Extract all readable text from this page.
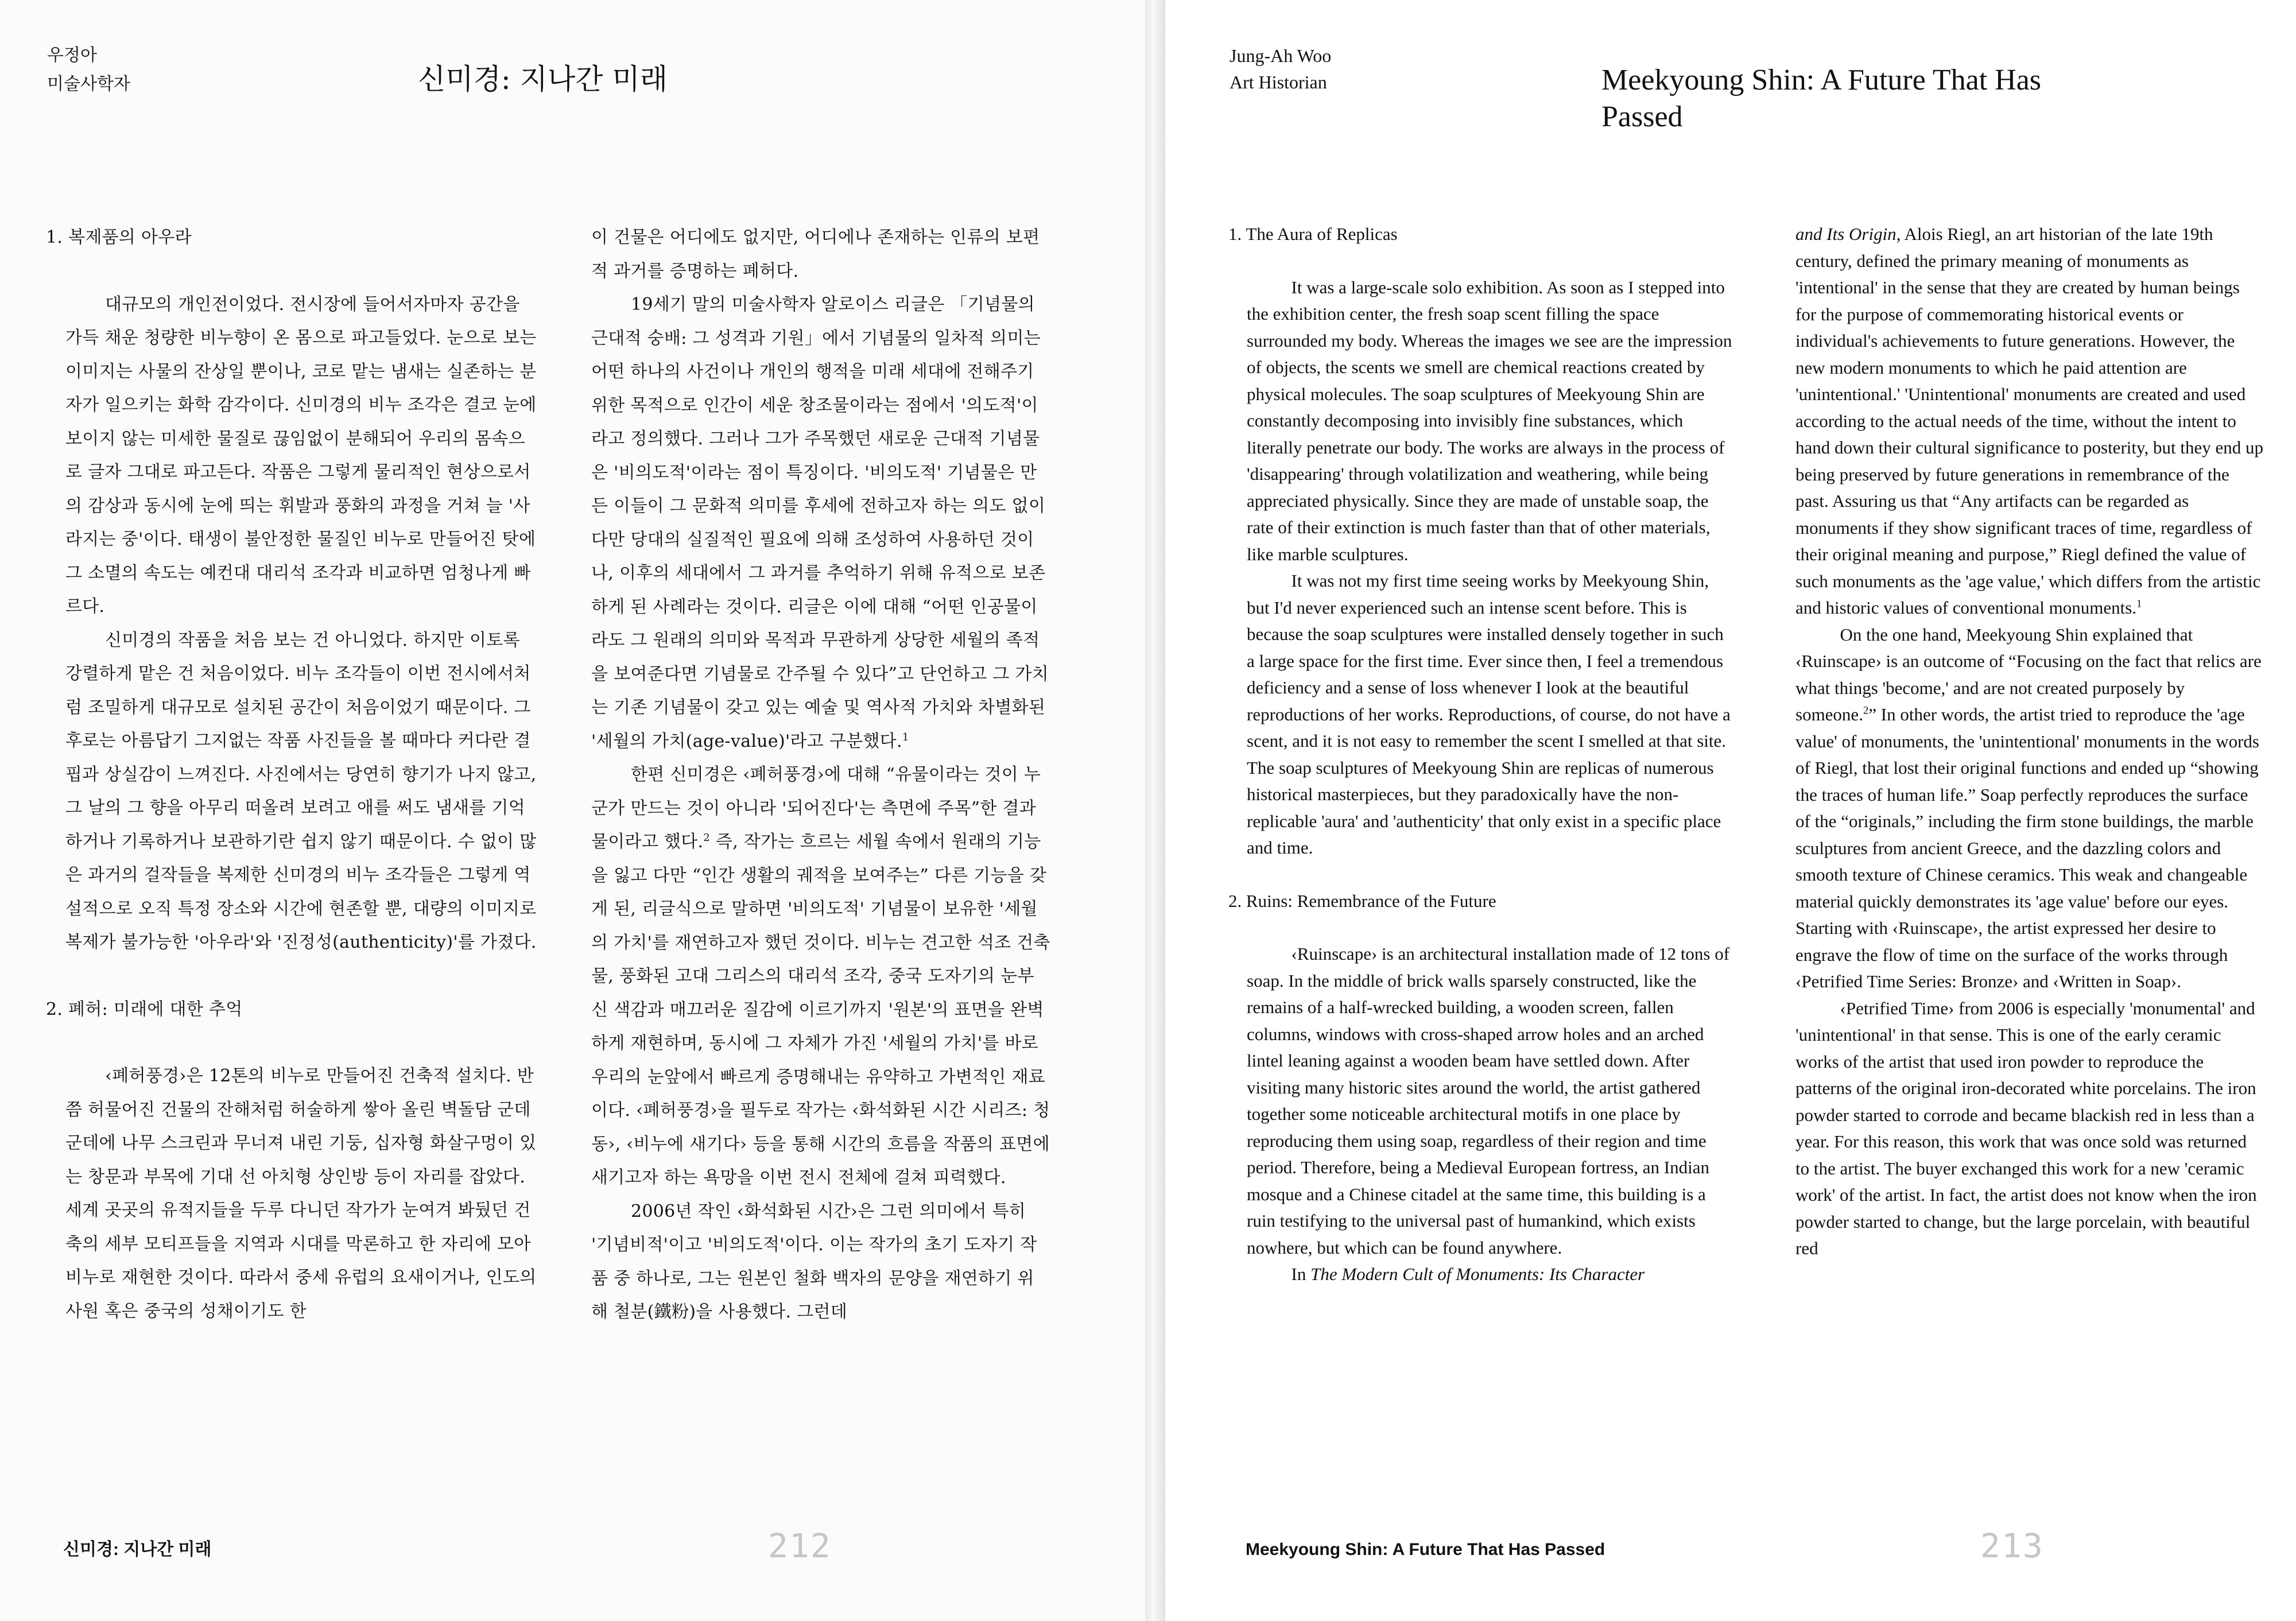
우정아
미술사학자	신미경: 지나간 미래

1. 복제품의 아우라

대규모의 개인전이었다. 전시장에 들어서자마자 공간을 가득 채운 청량한 비누향이 온 몸으로 파고들었다. 눈으로 보는 이미지는 사물의 잔상일 뿐이나, 코로 맡는 냄새는 실존하는 분자가 일으키는 화학 감각이다. 신미경의 비누 조각은 결코 눈에 보이지 않는 미세한 물질로 끊임없이 분해되어 우리의 몸속으로 글자 그대로 파고든다. 작품은 그렇게 물리적인 현상으로서의 감상과 동시에 눈에 띄는 휘발과 풍화의 과정을 거쳐 늘 '사라지는 중'이다. 태생이 불안정한 물질인 비누로 만들어진 탓에 그 소멸의 속도는 예컨대 대리석 조각과 비교하면 엄청나게 빠르다.

신미경의 작품을 처음 보는 건 아니었다. 하지만 이토록 강렬하게 맡은 건 처음이었다. 비누 조각들이 이번 전시에서처럼 조밀하게 대규모로 설치된 공간이 처음이었기 때문이다. 그 후로는 아름답기 그지없는 작품 사진들을 볼 때마다 커다란 결핍과 상실감이 느껴진다. 사진에서는 당연히 향기가 나지 않고, 그 날의 그 향을 아무리 떠올려 보려고 애를 써도 냄새를 기억하거나 기록하거나 보관하기란 쉽지 않기 때문이다. 수 없이 많은 과거의 걸작들을 복제한 신미경의 비누 조각들은 그렇게 역설적으로 오직 특정 장소와 시간에 현존할 뿐, 대량의 이미지로 복제가 불가능한 '아우라'와 '진정성(authenticity)'를 가졌다.

2. 폐허: 미래에 대한 추억

‹폐허풍경›은 12톤의 비누로 만들어진 건축적 설치다. 반쯤 허물어진 건물의 잔해처럼 허술하게 쌓아 올린 벽돌담 군데군데에 나무 스크린과 무너져 내린 기둥, 십자형 화살구멍이 있는 창문과 부목에 기대 선 아치형 상인방 등이 자리를 잡았다. 세계 곳곳의 유적지들을 두루 다니던 작가가 눈여겨 봐뒀던 건축의 세부 모티프들을 지역과 시대를 막론하고 한 자리에 모아 비누로 재현한 것이다. 따라서 중세 유럽의 요새이거나, 인도의 사원 혹은 중국의 성채이기도 한

이 건물은 어디에도 없지만, 어디에나 존재하는 인류의 보편적 과거를 증명하는 폐허다.

19세기 말의 미술사학자 알로이스 리글은 「기념물의 근대적 숭배: 그 성격과 기원」에서 기념물의 일차적 의미는 어떤 하나의 사건이나 개인의 행적을 미래 세대에 전해주기 위한 목적으로 인간이 세운 창조물이라는 점에서 '의도적'이라고 정의했다. 그러나 그가 주목했던 새로운 근대적 기념물은 '비의도적'이라는 점이 특징이다. '비의도적' 기념물은 만든 이들이 그 문화적 의미를 후세에 전하고자 하는 의도 없이 다만 당대의 실질적인 필요에 의해 조성하여 사용하던 것이나, 이후의 세대에서 그 과거를 추억하기 위해 유적으로 보존하게 된 사례라는 것이다. 리글은 이에 대해 “어떤 인공물이라도 그 원래의 의미와 목적과 무관하게 상당한 세월의 족적을 보여준다면 기념물로 간주될 수 있다”고 단언하고 그 가치는 기존 기념물이 갖고 있는 예술 및 역사적 가치와 차별화된 '세월의 가치(age-value)'라고 구분했다.$^1$

한편 신미경은 ‹폐허풍경›에 대해 “유물이라는 것이 누군가 만드는 것이 아니라 '되어진다'는 측면에 주목”한 결과물이라고 했다.$^2$ 즉, 작가는 흐르는 세월 속에서 원래의 기능을 잃고 다만 “인간 생활의 궤적을 보여주는” 다른 기능을 갖게 된, 리글식으로 말하면 '비의도적' 기념물이 보유한 '세월의 가치'를 재연하고자 했던 것이다. 비누는 견고한 석조 건축물, 풍화된 고대 그리스의 대리석 조각, 중국 도자기의 눈부신 색감과 매끄러운 질감에 이르기까지 '원본'의 표면을 완벽하게 재현하며, 동시에 그 자체가 가진 '세월의 가치'를 바로 우리의 눈앞에서 빠르게 증명해내는 유약하고 가변적인 재료이다. ‹폐허풍경›을 필두로 작가는 ‹화석화된 시간 시리즈: 청동›, ‹비누에 새기다› 등을 통해 시간의 흐름을 작품의 표면에 새기고자 하는 욕망을 이번 전시 전체에 걸쳐 피력했다.

2006년 작인 ‹화석화된 시간›은 그런 의미에서 특히 '기념비적'이고 '비의도적'이다. 이는 작가의 초기 도자기 작품 중 하나로, 그는 원본인 철화 백자의 문양을 재연하기 위해 철분(鐵粉)을 사용했다. 그런데

신미경: 지나간 미래	212
Jung-Ah Woo
Art Historian	Meekyoung Shin: A Future That Has Passed

1. The Aura of Replicas

It was a large-scale solo exhibition. As soon as I stepped into the exhibition center, the fresh soap scent filling the space surrounded my body. Whereas the images we see are the impression of objects, the scents we smell are chemical reactions created by physical molecules. The soap sculptures of Meekyoung Shin are constantly decomposing into invisibly fine substances, which literally penetrate our body. The works are always in the process of 'disappearing' through volatilization and weathering, while being appreciated physically. Since they are made of unstable soap, the rate of their extinction is much faster than that of other materials, like marble sculptures.

It was not my first time seeing works by Meekyoung Shin, but I'd never experienced such an intense scent before. This is because the soap sculptures were installed densely together in such a large space for the first time. Ever since then, I feel a tremendous deficiency and a sense of loss whenever I look at the beautiful reproductions of her works. Reproductions, of course, do not have a scent, and it is not easy to remember the scent I smelled at that site. The soap sculptures of Meekyoung Shin are replicas of numerous historical masterpieces, but they paradoxically have the non-replicable 'aura' and 'authenticity' that only exist in a specific place and time.

2. Ruins: Remembrance of the Future

‹Ruinscape› is an architectural installation made of 12 tons of soap. In the middle of brick walls sparsely constructed, like the remains of a half-wrecked building, a wooden screen, fallen columns, windows with cross-shaped arrow holes and an arched lintel leaning against a wooden beam have settled down. After visiting many historic sites around the world, the artist gathered together some noticeable architectural motifs in one place by reproducing them using soap, regardless of their region and time period. Therefore, being a Medieval European fortress, an Indian mosque and a Chinese citadel at the same time, this building is a ruin testifying to the universal past of humankind, which exists nowhere, but which can be found anywhere.

In The Modern Cult of Monuments: Its Character

and Its Origin, Alois Riegl, an art historian of the late 19th century, defined the primary meaning of monuments as 'intentional' in the sense that they are created by human beings for the purpose of commemorating historical events or individual's achievements to future generations. However, the new modern monuments to which he paid attention are 'unintentional.' 'Unintentional' monuments are created and used according to the actual needs of the time, without the intent to hand down their cultural significance to posterity, but they end up being preserved by future generations in remembrance of the past. Assuring us that “Any artifacts can be regarded as monuments if they show significant traces of time, regardless of their original meaning and purpose,” Riegl defined the value of such monuments as the 'age value,' which differs from the artistic and historic values of conventional monuments.$^1$

On the one hand, Meekyoung Shin explained that ‹Ruinscape› is an outcome of “Focusing on the fact that relics are what things 'become,' and are not created purposely by someone.$^2$” In other words, the artist tried to reproduce the 'age value' of monuments, the 'unintentional' monuments in the words of Riegl, that lost their original functions and ended up “showing the traces of human life.” Soap perfectly reproduces the surface of the “originals,” including the firm stone buildings, the marble sculptures from ancient Greece, and the dazzling colors and smooth texture of Chinese ceramics. This weak and changeable material quickly demonstrates its 'age value' before our eyes. Starting with ‹Ruinscape›, the artist expressed her desire to engrave the flow of time on the surface of the works through ‹Petrified Time Series: Bronze› and ‹Written in Soap›.

‹Petrified Time› from 2006 is especially 'monumental' and 'unintentional' in that sense. This is one of the early ceramic works of the artist that used iron powder to reproduce the patterns of the original iron-decorated white porcelains. The iron powder started to corrode and became blackish red in less than a year. For this reason, this work that was once sold was returned to the artist. The buyer exchanged this work for a new 'ceramic work' of the artist. In fact, the artist does not know when the iron powder started to change, but the large porcelain, with beautiful red

Meekyoung Shin: A Future That Has Passed	213
